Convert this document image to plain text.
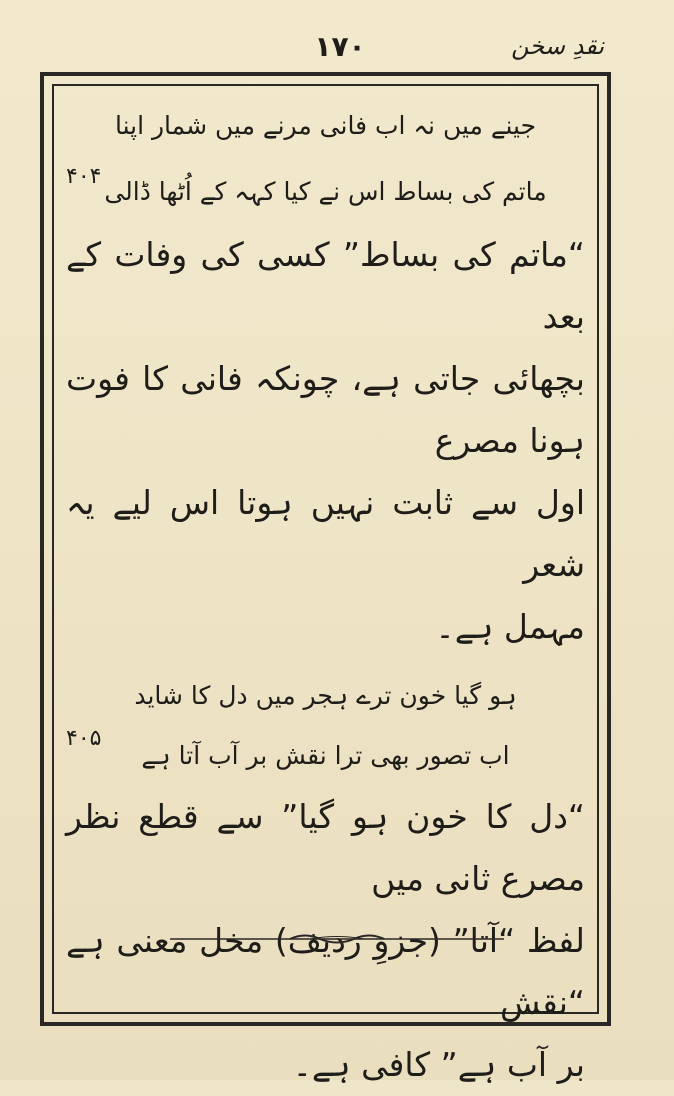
۱۷۰	نقدِ سخن
جینے میں نہ اب فانی مرنے میں شمار اپنا
۴۰۴
ماتم کی بساط اس نے کیا کہہ کے اُٹھا ڈالی
“ماتم کی بساط” کسی کی وفات کے بعد
بچھائی جاتی ہے، چونکہ فانی کا فوت ہونا مصرع
اول سے ثابت نہیں ہوتا اس لیے یہ شعر
مہمل ہے۔
ہو گیا خون ترے ہجر میں دل کا شاید
۴۰۵
اب تصور بھی ترا نقش بر آب آتا ہے
“دل کا خون ہو گیا” سے قطع نظر مصرع ثانی میں
لفظ “آتا” (جزوِ ردیف) مخل معنی ہے “نقش
بر آب ہے” کافی ہے۔
